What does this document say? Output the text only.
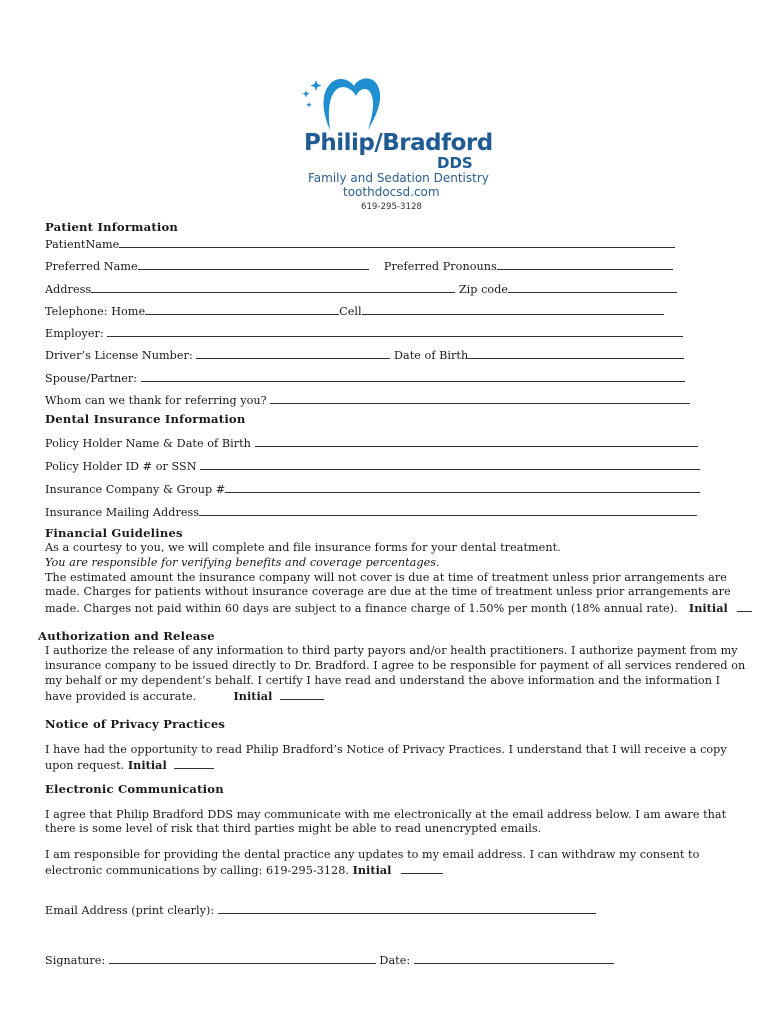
Philip/Bradford
DDS
Family and Sedation Dentistry
toothdocsd.com
619-295-3128
Patient Information
PatientName
Preferred Name	Preferred Pronouns
Address	Zip code
Telephone: Home	Cell
Employer:
Driver’s License Number:	Date of Birth
Spouse/Partner:
Whom can we thank for referring you?
Dental Insurance Information
Policy Holder Name & Date of Birth
Policy Holder ID # or SSN
Insurance Company & Group #
Insurance Mailing Address
Financial Guidelines
As a courtesy to you, we will complete and file insurance forms for your dental treatment.
You are responsible for verifying benefits and coverage percentages.
The estimated amount the insurance company will not cover is due at time of treatment unless prior arrangements are
made. Charges for patients without insurance coverage are due at the time of treatment unless prior arrangements are
made. Charges not paid within 60 days are subject to a finance charge of 1.50% per month (18% annual rate). Initial
Authorization and Release
I authorize the release of any information to third party payors and/or health practitioners. I authorize payment from my
insurance company to be issued directly to Dr. Bradford. I agree to be responsible for payment of all services rendered on
my behalf or my dependent’s behalf. I certify I have read and understand the above information and the information I
have provided is accurate.	Initial
Notice of Privacy Practices
I have had the opportunity to read Philip Bradford’s Notice of Privacy Practices. I understand that I will receive a copy
upon request. Initial
Electronic Communication
I agree that Philip Bradford DDS may communicate with me electronically at the email address below. I am aware that
there is some level of risk that third parties might be able to read unencrypted emails.
I am responsible for providing the dental practice any updates to my email address. I can withdraw my consent to
electronic communications by calling: 619-295-3128. Initial
Email Address (print clearly):
Signature:	Date:
